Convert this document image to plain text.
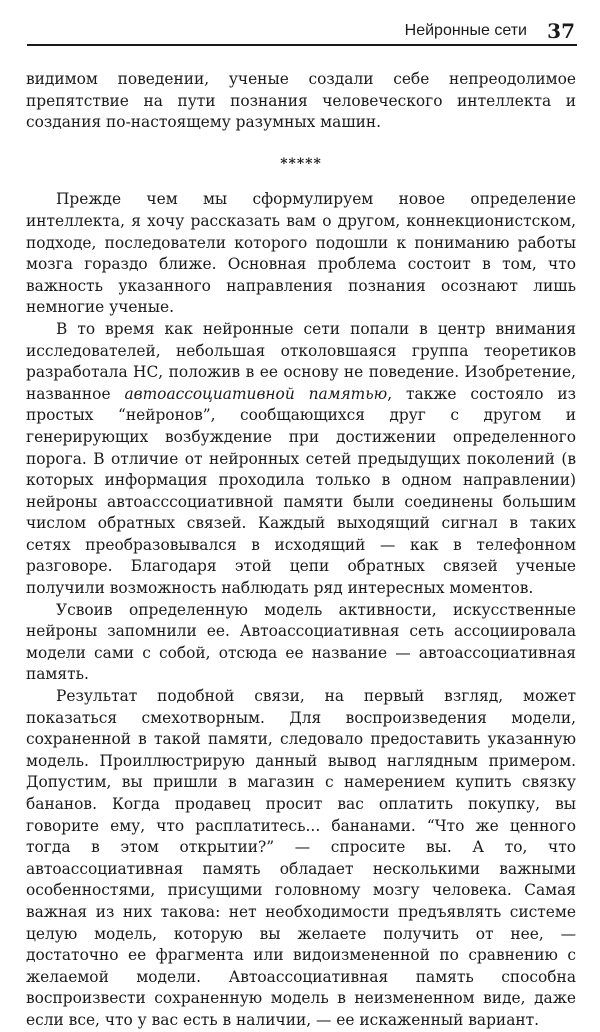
Нейронные сети	37

видимом поведении, ученые создали себе непреодолимое препятствие на пути познания человеческого интеллекта и создания по-настоящему разумных машин.

*****

Прежде чем мы сформулируем новое определение интеллекта, я хочу рассказать вам о другом, коннекционистском, подходе, последователи которого подошли к пониманию работы мозга гораздо ближе. Основная проблема состоит в том, что важность указанного направления познания осознают лишь немногие ученые.

В то время как нейронные сети попали в центр внимания исследователей, небольшая отколовшаяся группа теоретиков разработала НС, положив в ее основу не поведение. Изобретение, названное автоассоциативной памятью, также состояло из простых “нейронов”, сообщающихся друг с другом и генерирующих возбуждение при достижении определенного порога. В отличие от нейронных сетей предыдущих поколений (в которых информация проходила только в одном направлении) нейроны автоасссоциативной памяти были соединены большим числом обратных связей. Каждый выходящий сигнал в таких сетях преобразовывался в исходящий — как в телефонном разговоре. Благодаря этой цепи обратных связей ученые получили возможность наблюдать ряд интересных моментов.

Усвоив определенную модель активности, искусственные нейроны запомнили ее. Автоассоциативная сеть ассоциировала модели сами с собой, отсюда ее название — автоассоциативная память.

Результат подобной связи, на первый взгляд, может показаться смехотворным. Для воспроизведения модели, сохраненной в такой памяти, следовало предоставить указанную модель. Проиллюстрирую данный вывод наглядным примером. Допустим, вы пришли в магазин с намерением купить связку бананов. Когда продавец просит вас оплатить покупку, вы говорите ему, что расплатитесь... бананами. “Что же ценного тогда в этом открытии?” — спросите вы. А то, что автоассоциативная память обладает несколькими важными особенностями, присущими головному мозгу человека. Самая важная из них такова: нет необходимости предъявлять системе целую модель, которую вы желаете получить от нее, — достаточно ее фрагмента или видоизмененной по сравнению с желаемой модели. Автоассоциативная память способна воспроизвести сохраненную модель в неизмененном виде, даже если все, что у вас есть в наличии, — ее искаженный вариант.
